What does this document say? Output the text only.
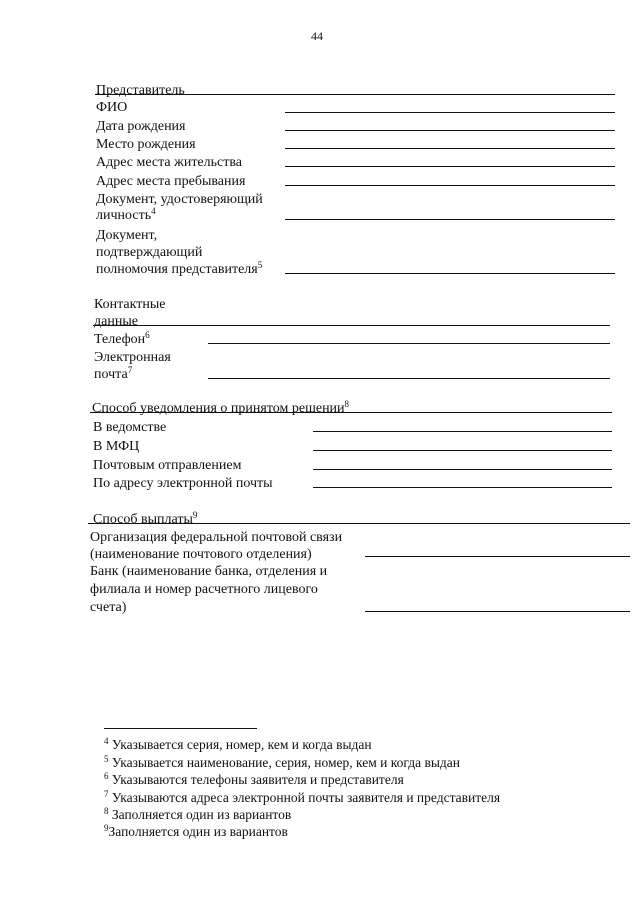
44
Представитель
ФИО
Дата рождения
Место рождения
Адрес места жительства
Адрес места пребывания
Документ, удостоверяющий
личность$^4$
Документ,
подтверждающий
полномочия представителя$^5$
Контактные
данные
Телефон$^6$
Электронная
почта$^7$
Способ уведомления о принятом решении$^8$
В ведомстве
В МФЦ
Почтовым отправлением
По адресу электронной почты
Способ выплаты$^9$
Организация федеральной почтовой связи
(наименование почтового отделения)
Банк (наименование банка, отделения и
филиала и номер расчетного лицевого
счета)
$^4$ Указывается серия, номер, кем и когда выдан
$^5$ Указывается наименование, серия, номер, кем и когда выдан
$^6$ Указываются телефоны заявителя и представителя
$^7$ Указываются адреса электронной почты заявителя и представителя
$^8$ Заполняется один из вариантов
$^9$Заполняется один из вариантов
